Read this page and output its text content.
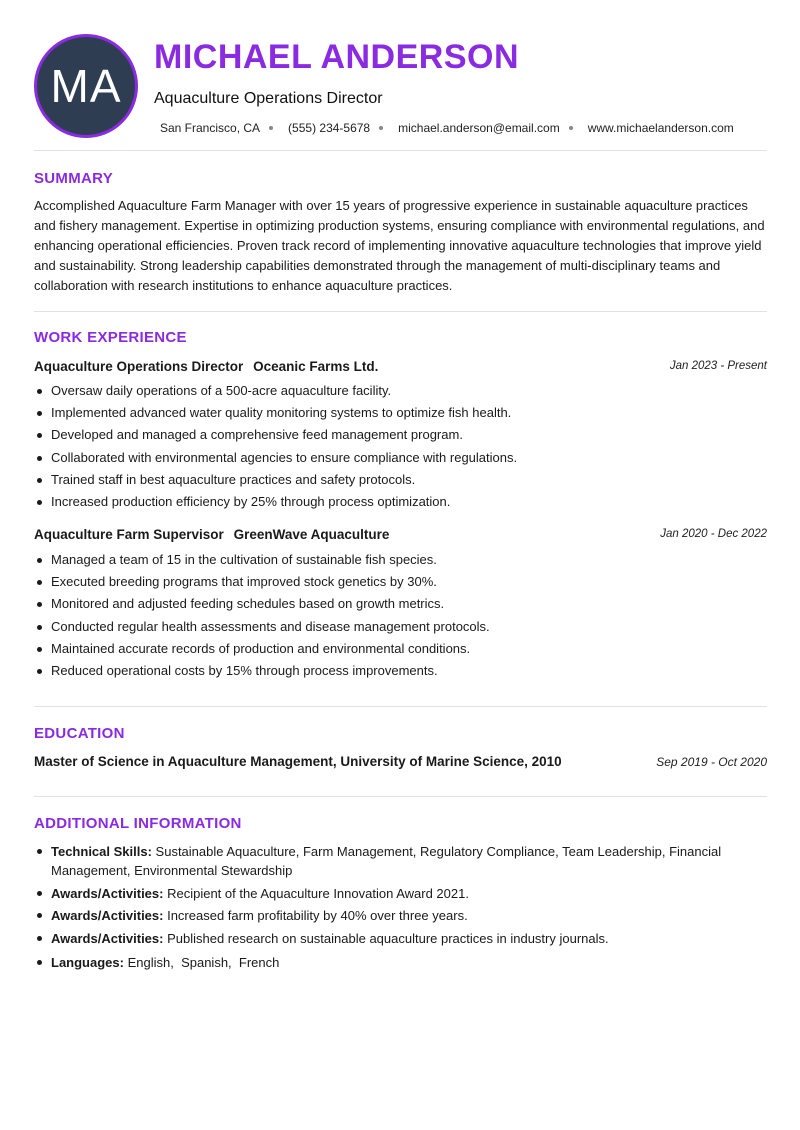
MA
MICHAEL ANDERSON
Aquaculture Operations Director
San Francisco, CA (555) 234-5678 michael.anderson@email.com www.michaelanderson.com
SUMMARY
Accomplished Aquaculture Farm Manager with over 15 years of progressive experience in sustainable aquaculture practices and fishery management. Expertise in optimizing production systems, ensuring compliance with environmental regulations, and enhancing operational efficiencies. Proven track record of implementing innovative aquaculture technologies that improve yield and sustainability. Strong leadership capabilities demonstrated through the management of multi-disciplinary teams and collaboration with research institutions to enhance aquaculture practices.
WORK EXPERIENCE
Aquaculture Operations Director Oceanic Farms Ltd.	Jan 2023 - Present
Oversaw daily operations of a 500-acre aquaculture facility.
Implemented advanced water quality monitoring systems to optimize fish health.
Developed and managed a comprehensive feed management program.
Collaborated with environmental agencies to ensure compliance with regulations.
Trained staff in best aquaculture practices and safety protocols.
Increased production efficiency by 25% through process optimization.
Aquaculture Farm Supervisor GreenWave Aquaculture	Jan 2020 - Dec 2022
Managed a team of 15 in the cultivation of sustainable fish species.
Executed breeding programs that improved stock genetics by 30%.
Monitored and adjusted feeding schedules based on growth metrics.
Conducted regular health assessments and disease management protocols.
Maintained accurate records of production and environmental conditions.
Reduced operational costs by 15% through process improvements.
EDUCATION
Master of Science in Aquaculture Management, University of Marine Science, 2010	Sep 2019 - Oct 2020
ADDITIONAL INFORMATION
Technical Skills: Sustainable Aquaculture, Farm Management, Regulatory Compliance, Team Leadership, Financial Management, Environmental Stewardship
Awards/Activities: Recipient of the Aquaculture Innovation Award 2021.
Awards/Activities: Increased farm profitability by 40% over three years.
Awards/Activities: Published research on sustainable aquaculture practices in industry journals.
Languages: English,  Spanish,  French
